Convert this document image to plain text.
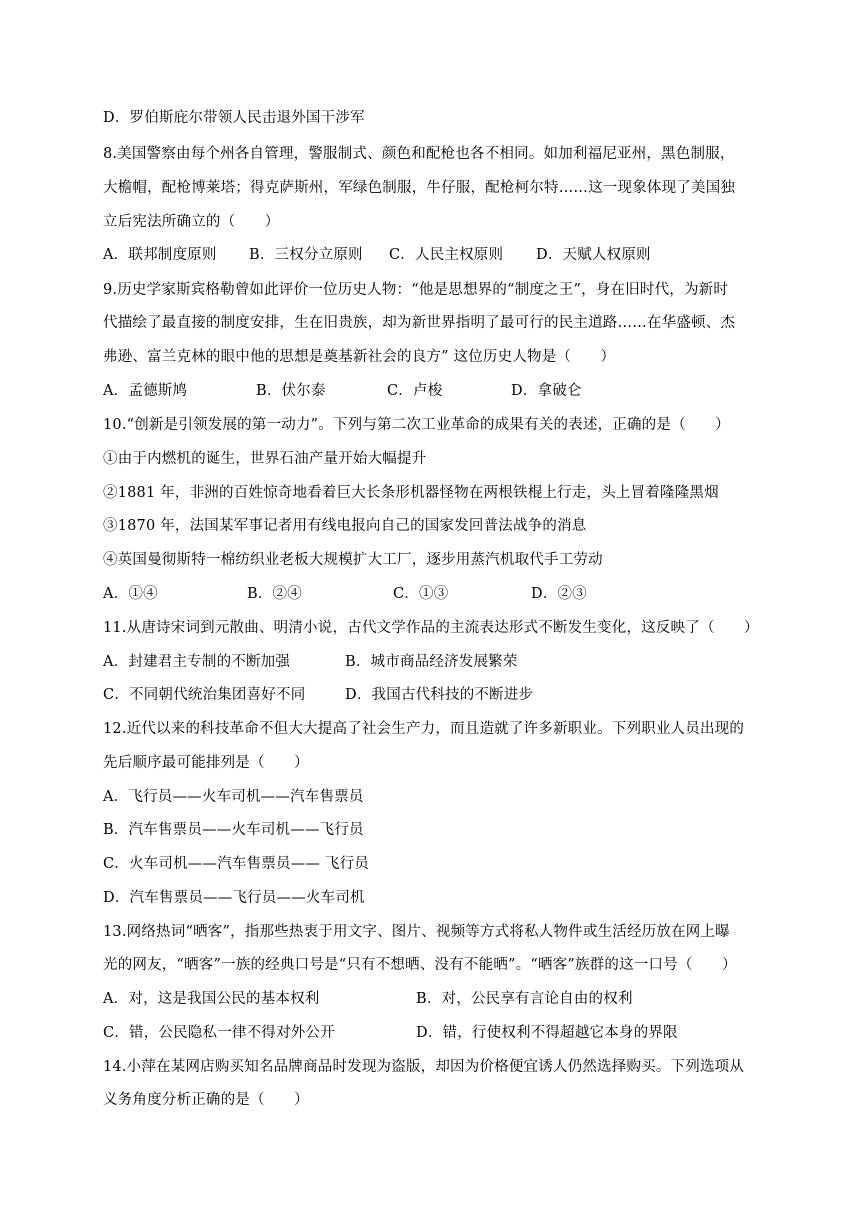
D．罗伯斯庇尔带领人民击退外国干涉军
8.美国警察由每个州各自管理，警服制式、颜色和配枪也各不相同。如加利福尼亚州，黑色制服，
大檐帽，配枪博莱塔；得克萨斯州，军绿色制服，牛仔服，配枪柯尔特……这一现象体现了美国独
立后宪法所确立的（　　）
A．联邦制度原则	B．三权分立原则	C．人民主权原则	D．天赋人权原则
9.历史学家斯宾格勒曾如此评价一位历史人物：“他是思想界的“制度之王”，身在旧时代，为新时
代描绘了最直接的制度安排，生在旧贵族，却为新世界指明了最可行的民主道路……在华盛顿、杰
弗逊、富兰克林的眼中他的思想是奠基新社会的良方” 这位历史人物是（　　）
A．孟德斯鸠	B．伏尔泰	C．卢梭	D．拿破仑
10.“创新是引领发展的第一动力”。下列与第二次工业革命的成果有关的表述，正确的是（　　）
①由于内燃机的诞生，世界石油产量开始大幅提升
②1881 年，非洲的百姓惊奇地看着巨大长条形机器怪物在两根铁棍上行走，头上冒着隆隆黑烟
③1870 年，法国某军事记者用有线电报向自己的国家发回普法战争的消息
④英国曼彻斯特一棉纺织业老板大规模扩大工厂，逐步用蒸汽机取代手工劳动
A．①④	B．②④	C．①③	D．②③
11.从唐诗宋词到元散曲、明清小说，古代文学作品的主流表达形式不断发生变化，这反映了（　　）
A．封建君主专制的不断加强	B．城市商品经济发展繁荣
C．不同朝代统治集团喜好不同	D．我国古代科技的不断进步
12.近代以来的科技革命不但大大提高了社会生产力，而且造就了许多新职业。下列职业人员出现的
先后顺序最可能排列是（　　）
A．飞行员——火车司机——汽车售票员
B．汽车售票员——火车司机——飞行员
C．火车司机——汽车售票员—— 飞行员
D．汽车售票员——飞行员——火车司机
13.网络热词“晒客”，指那些热衷于用文字、图片、视频等方式将私人物件或生活经历放在网上曝
光的网友，“晒客”一族的经典口号是“只有不想晒、没有不能晒”。“晒客”族群的这一口号（　　）
A．对，这是我国公民的基本权利	B．对，公民享有言论自由的权利
C．错，公民隐私一律不得对外公开	D．错，行使权利不得超越它本身的界限
14.小萍在某网店购买知名品牌商品时发现为盗版，却因为价格便宜诱人仍然选择购买。下列选项从
义务角度分析正确的是（　　）
